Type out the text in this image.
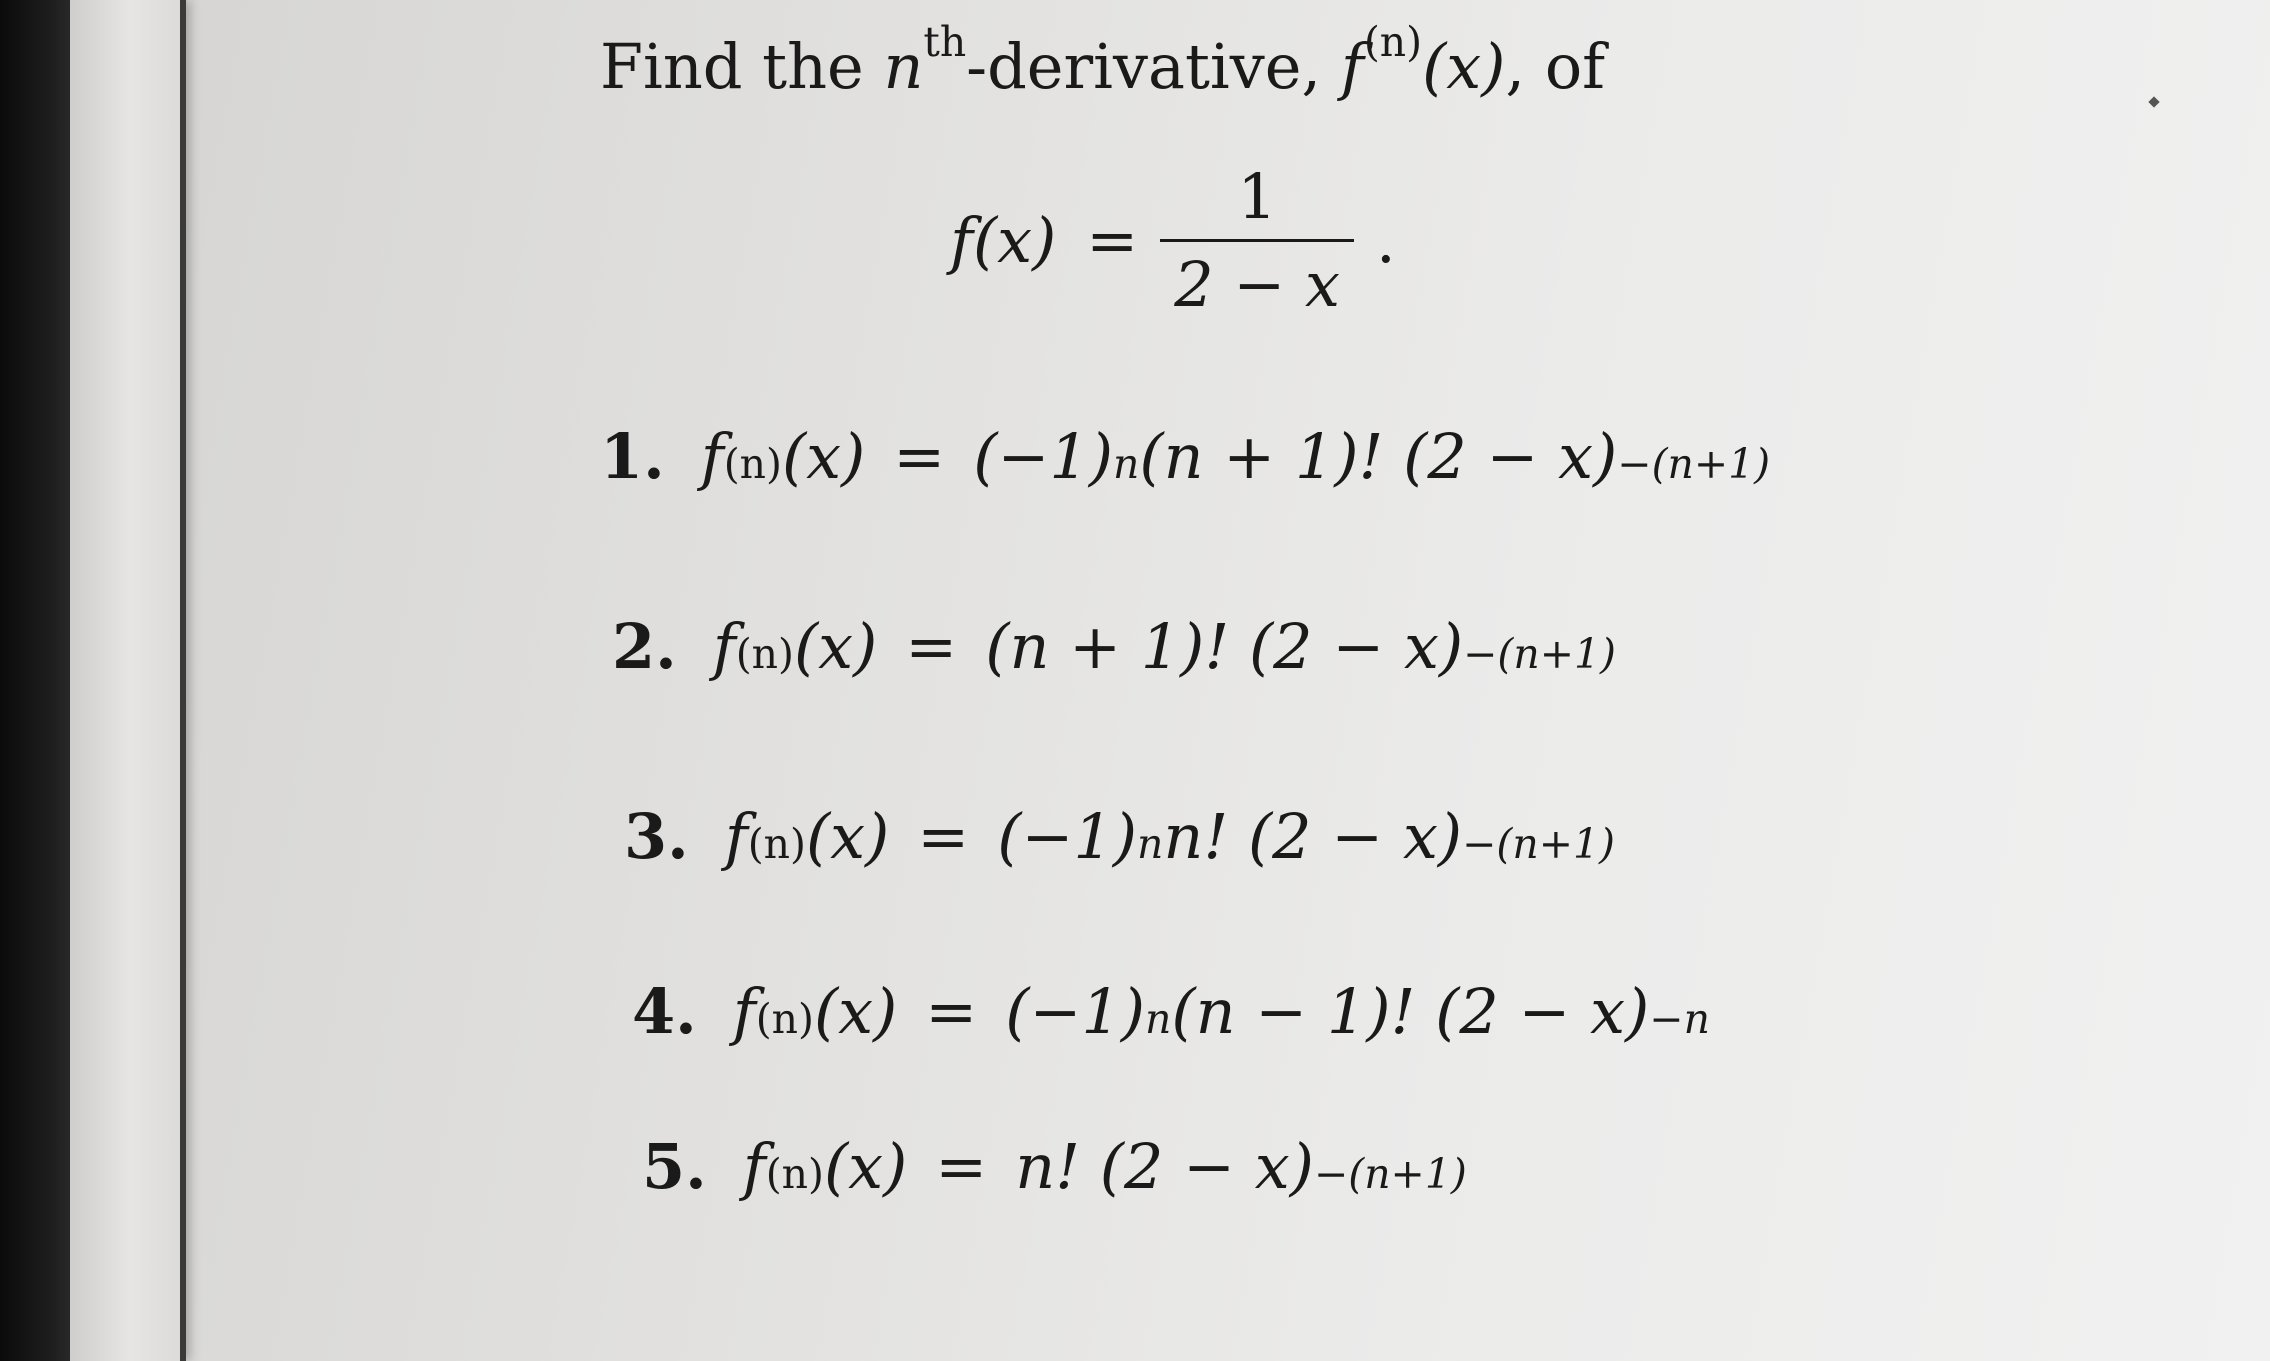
Find the $n^{th}$-derivative, $f^{(n)}(x)$, of
$f(x) = \frac{1}{2 - x}$ .
1. f (n) (x) = (−1) n (n + 1)! (2 − x) −(n+1)
2. f (n) (x) = (n + 1)! (2 − x) −(n+1)
3. f (n) (x) = (−1) n n! (2 − x) −(n+1)
4. f (n) (x) = (−1) n (n − 1)! (2 − x) −n
5. f (n) (x) = n! (2 − x) −(n+1)
